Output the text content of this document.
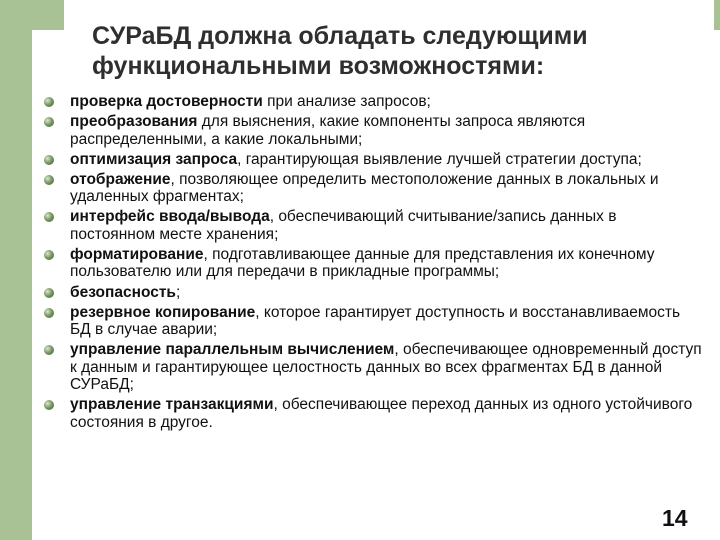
СУРаБД должна обладать следующими функциональными возможностями:
проверка достоверности при анализе запросов;
преобразования для выяснения, какие компоненты запроса являются распределенными, а какие локальными;
оптимизация запроса, гарантирующая выявление лучшей стратегии доступа;
отображение, позволяющее определить местоположение данных в локальных и удаленных фрагментах;
интерфейс ввода/вывода, обеспечивающий считывание/запись данных в постоянном месте хранения;
форматирование, подготавливающее данные для представления их конечному пользователю или для передачи в прикладные программы;
безопасность;
резервное копирование, которое гарантирует доступность и восстанавливаемость БД в случае аварии;
управление параллельным вычислением, обеспечивающее одновременный доступ к данным и гарантирующее целостность данных во всех фрагментах БД в данной СУРаБД;
управление транзакциями, обеспечивающее переход данных из одного устойчивого состояния в другое.
14
